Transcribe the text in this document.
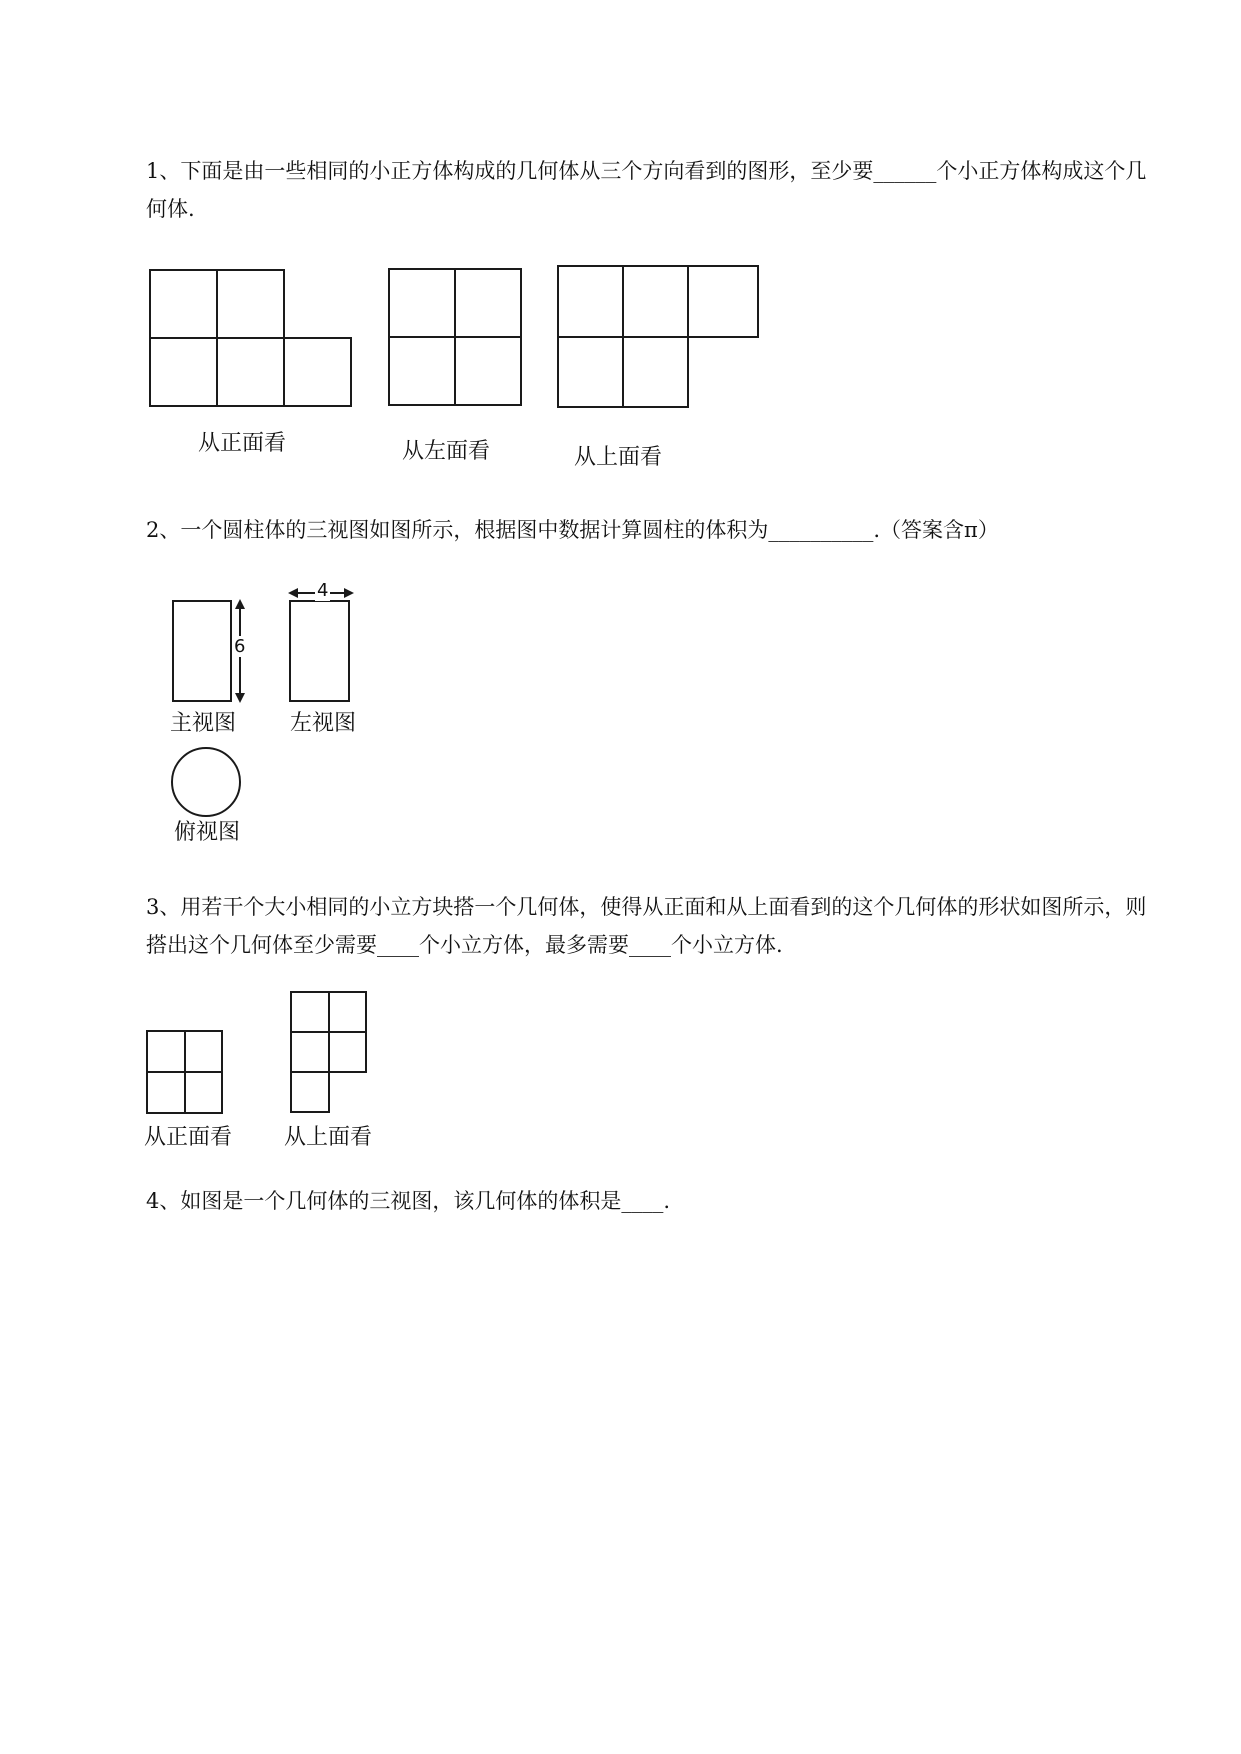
1、下面是由一些相同的小正方体构成的几何体从三个方向看到的图形，至少要______个小正方体构成这个几何体.
从正面看	从左面看	从上面看
2、一个圆柱体的三视图如图所示，根据图中数据计算圆柱的体积为__________.（答案含π）
6
主视图
4
左视图
俯视图
3、用若干个大小相同的小立方块搭一个几何体，使得从正面和从上面看到的这个几何体的形状如图所示，则搭出这个几何体至少需要____个小立方体，最多需要____个小立方体.
从正面看 从上面看
4、如图是一个几何体的三视图，该几何体的体积是____.
